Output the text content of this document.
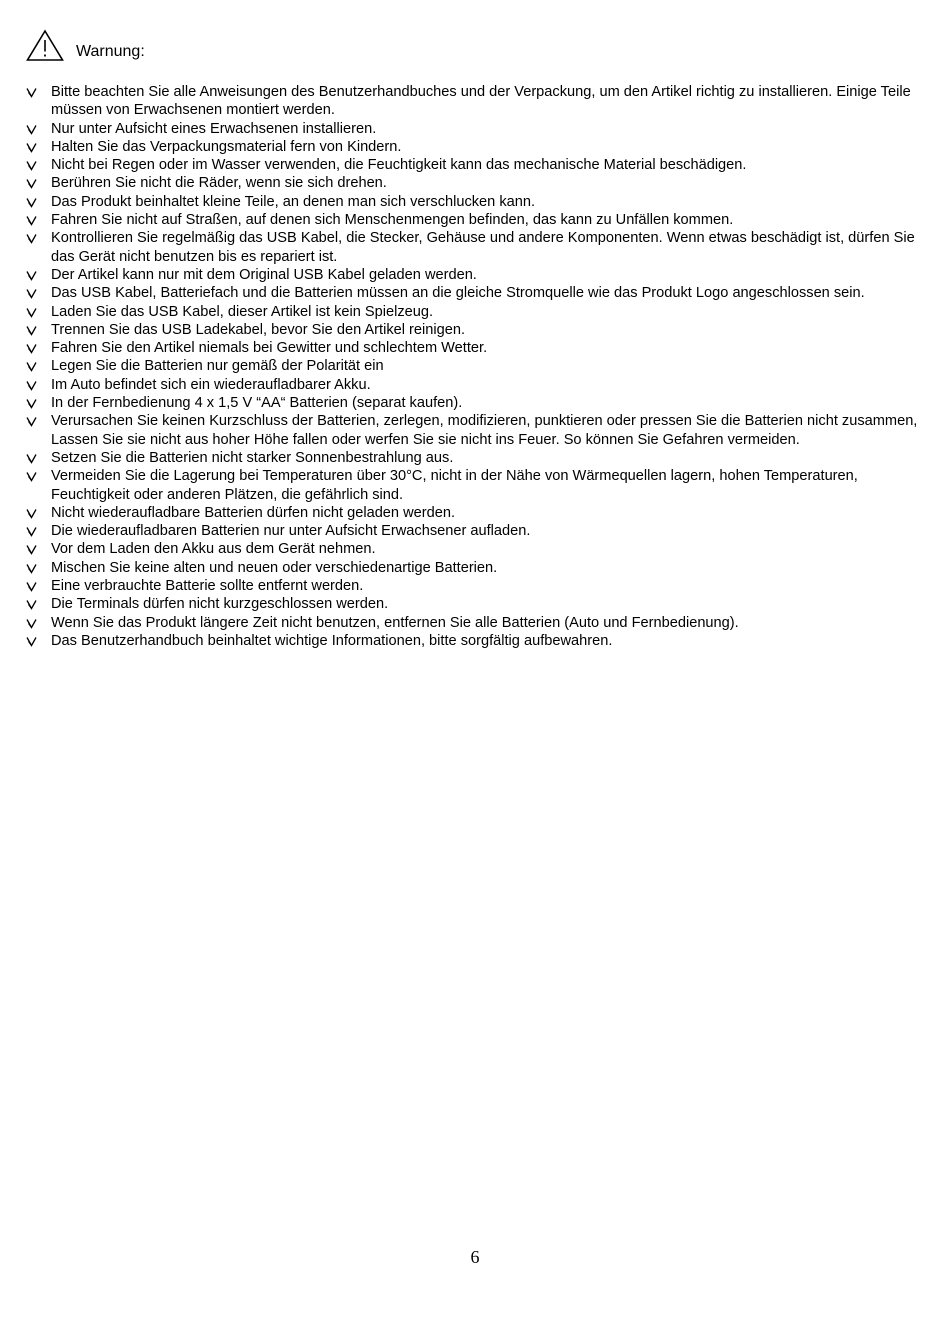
Warnung:
Bitte beachten Sie alle Anweisungen des Benutzerhandbuches und der Verpackung, um den Artikel richtig zu installieren. Einige Teile müssen von Erwachsenen montiert werden.
Nur unter Aufsicht eines Erwachsenen installieren.
Halten Sie das Verpackungsmaterial fern von Kindern.
Nicht bei Regen oder im Wasser verwenden, die Feuchtigkeit kann das mechanische Material beschädigen.
Berühren Sie nicht die Räder, wenn sie sich drehen.
Das Produkt beinhaltet kleine Teile, an denen man sich verschlucken kann.
Fahren Sie nicht auf Straßen, auf denen sich Menschenmengen befinden, das kann zu Unfällen kommen.
Kontrollieren Sie regelmäßig das USB Kabel, die Stecker, Gehäuse und andere Komponenten. Wenn etwas beschädigt ist, dürfen Sie das Gerät nicht benutzen bis es repariert ist.
Der Artikel kann nur mit dem Original USB Kabel geladen werden.
Das USB Kabel, Batteriefach und die Batterien müssen an die gleiche Stromquelle wie das Produkt Logo angeschlossen sein.
Laden Sie das USB Kabel, dieser Artikel ist kein Spielzeug.
Trennen Sie das USB Ladekabel, bevor Sie den Artikel reinigen.
Fahren Sie den Artikel niemals bei Gewitter und schlechtem Wetter.
Legen Sie die Batterien nur gemäß der Polarität ein
Im Auto befindet sich ein wiederaufladbarer Akku.
In der Fernbedienung 4 x 1,5 V “AA“ Batterien (separat kaufen).
Verursachen Sie keinen Kurzschluss der Batterien, zerlegen, modifizieren, punktieren oder pressen Sie die Batterien nicht zusammen, Lassen Sie sie nicht aus hoher Höhe fallen oder werfen Sie sie nicht ins Feuer. So können Sie Gefahren vermeiden.
Setzen Sie die Batterien nicht starker Sonnenbestrahlung aus.
Vermeiden Sie die Lagerung bei Temperaturen über 30°C, nicht in der Nähe von Wärmequellen lagern, hohen Temperaturen, Feuchtigkeit oder anderen Plätzen, die gefährlich sind.
Nicht wiederaufladbare Batterien dürfen nicht geladen werden.
Die wiederaufladbaren Batterien nur unter Aufsicht Erwachsener aufladen.
Vor dem Laden den Akku aus dem Gerät nehmen.
Mischen Sie keine alten und neuen oder verschiedenartige Batterien.
Eine verbrauchte Batterie sollte entfernt werden.
Die Terminals dürfen nicht kurzgeschlossen werden.
Wenn Sie das Produkt längere Zeit nicht benutzen, entfernen Sie alle Batterien (Auto und Fernbedienung).
Das Benutzerhandbuch beinhaltet wichtige Informationen, bitte sorgfältig aufbewahren.
6
